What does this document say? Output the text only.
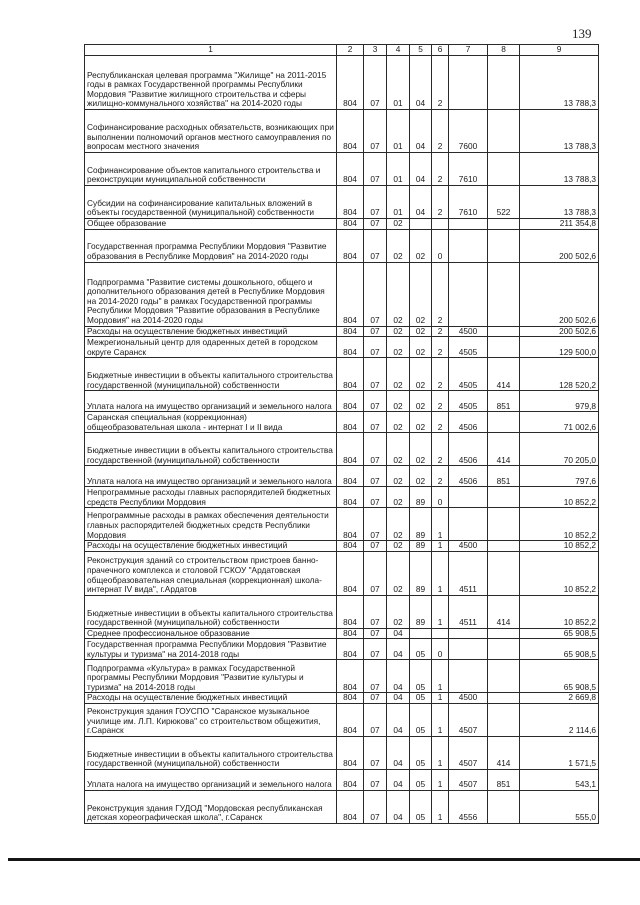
139
1	2	3	4	5	6	7	8	9
Республиканская целевая программа "Жилище" на 2011-2015 годы в рамках Государственной программы Республики Мордовия "Развитие жилищного строительства и сферы жилищно-коммунального хозяйства" на 2014-2020 годы	804	07	01	04	2			13 788,3
Софинансирование расходных обязательств, возникающих при выполнении полномочий органов местного самоуправления по вопросам местного значения	804	07	01	04	2	7600		13 788,3
Софинансирование объектов капитального строительства и реконструкции муниципальной собственности	804	07	01	04	2	7610		13 788,3
Субсидии на софинансирование капитальных вложений в объекты государственной (муниципальной) собственности	804	07	01	04	2	7610	522	13 788,3
Общее образование	804	07	02					211 354,8
Государственная программа Республики Мордовия "Развитие образования в Республике Мордовия" на 2014-2020 годы	804	07	02	02	0			200 502,6
Подпрограмма "Развитие системы дошкольного, общего и дополнительного образования детей в Республике Мордовия на 2014-2020 годы" в рамках Государственной программы Республики Мордовия "Развитие образования в Республике Мордовия" на 2014-2020 годы	804	07	02	02	2			200 502,6
Расходы на осуществление бюджетных инвестиций	804	07	02	02	2	4500		200 502,6
Межрегиональный центр для одаренных детей в городском округе Саранск	804	07	02	02	2	4505		129 500,0
Бюджетные инвестиции в объекты капитального строительства государственной (муниципальной) собственности	804	07	02	02	2	4505	414	128 520,2
Уплата налога на имущество организаций и земельного налога	804	07	02	02	2	4505	851	979,8
Саранская специальная (коррекционная) общеобразовательная школа - интернат I и II вида	804	07	02	02	2	4506		71 002,6
Бюджетные инвестиции в объекты капитального строительства государственной (муниципальной) собственности	804	07	02	02	2	4506	414	70 205,0
Уплата налога на имущество организаций и земельного налога	804	07	02	02	2	4506	851	797,6
Непрограммные расходы главных распорядителей бюджетных средств Республики Мордовия	804	07	02	89	0			10 852,2
Непрограммные расходы в рамках обеспечения деятельности главных распорядителей бюджетных средств Республики Мордовия	804	07	02	89	1			10 852,2
Расходы на осуществление бюджетных инвестиций	804	07	02	89	1	4500		10 852,2
Реконструкция зданий со строительством пристроев банно-прачечного комплекса и столовой ГСКОУ "Ардатовская общеобразовательная специальная (коррекционная) школа-интернат IV вида", г.Ардатов	804	07	02	89	1	4511		10 852,2
Бюджетные инвестиции в объекты капитального строительства государственной (муниципальной) собственности	804	07	02	89	1	4511	414	10 852,2
Среднее профессиональное образование	804	07	04					65 908,5
Государственная программа Республики Мордовия "Развитие культуры и туризма" на 2014-2018 годы	804	07	04	05	0			65 908,5
Подпрограмма «Культура» в рамках Государственной программы Республики Мордовия "Развитие культуры и туризма" на 2014-2018 годы	804	07	04	05	1			65 908,5
Расходы на осуществление бюджетных инвестиций	804	07	04	05	1	4500		2 669,8
Реконструкция здания ГОУСПО "Саранское музыкальное училище им. Л.П. Кирюкова" со строительством общежития, г.Саранск	804	07	04	05	1	4507		2 114,6
Бюджетные инвестиции в объекты капитального строительства государственной (муниципальной) собственности	804	07	04	05	1	4507	414	1 571,5
Уплата налога на имущество организаций и земельного налога	804	07	04	05	1	4507	851	543,1
Реконструкция здания ГУДОД "Мордовская республиканская детская хореографическая школа", г.Саранск	804	07	04	05	1	4556		555,0
